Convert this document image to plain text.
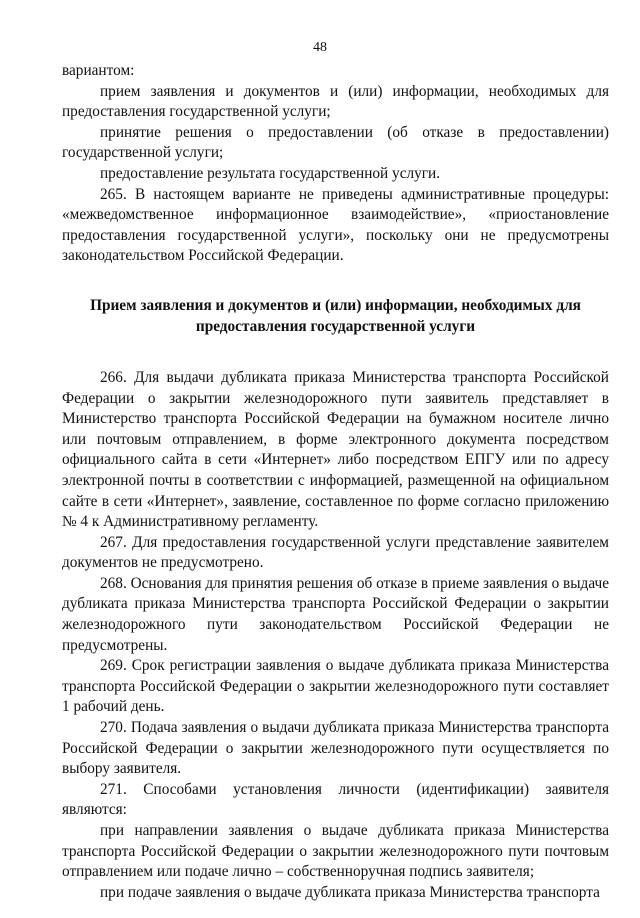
48

вариантом:

прием заявления и документов и (или) информации, необходимых для предоставления государственной услуги;

принятие решения о предоставлении (об отказе в предоставлении) государственной услуги;

предоставление результата государственной услуги.

265. В настоящем варианте не приведены административные процедуры: «межведомственное информационное взаимодействие», «приостановление предоставления государственной услуги», поскольку они не предусмотрены законодательством Российской Федерации.

Прием заявления и документов и (или) информации, необходимых для
предоставления государственной услуги

266. Для выдачи дубликата приказа Министерства транспорта Российской Федерации о закрытии железнодорожного пути заявитель представляет в Министерство транспорта Российской Федерации на бумажном носителе лично или почтовым отправлением, в форме электронного документа посредством официального сайта в сети «Интернет» либо посредством ЕПГУ или по адресу электронной почты в соответствии с информацией, размещенной на официальном сайте в сети «Интернет», заявление, составленное по форме согласно приложению № 4 к Административному регламенту.

267. Для предоставления государственной услуги представление заявителем документов не предусмотрено.

268. Основания для принятия решения об отказе в приеме заявления о выдаче дубликата приказа Министерства транспорта Российской Федерации о закрытии железнодорожного пути законодательством Российской Федерации не предусмотрены.

269. Срок регистрации заявления о выдаче дубликата приказа Министерства транспорта Российской Федерации о закрытии железнодорожного пути составляет 1 рабочий день.

270. Подача заявления о выдачи дубликата приказа Министерства транспорта Российской Федерации о закрытии железнодорожного пути осуществляется по выбору заявителя.

271. Способами установления личности (идентификации) заявителя являются:

при направлении заявления о выдаче дубликата приказа Министерства транспорта Российской Федерации о закрытии железнодорожного пути почтовым отправлением или подаче лично – собственноручная подпись заявителя;

при подаче заявления о выдаче дубликата приказа Министерства транспорта
